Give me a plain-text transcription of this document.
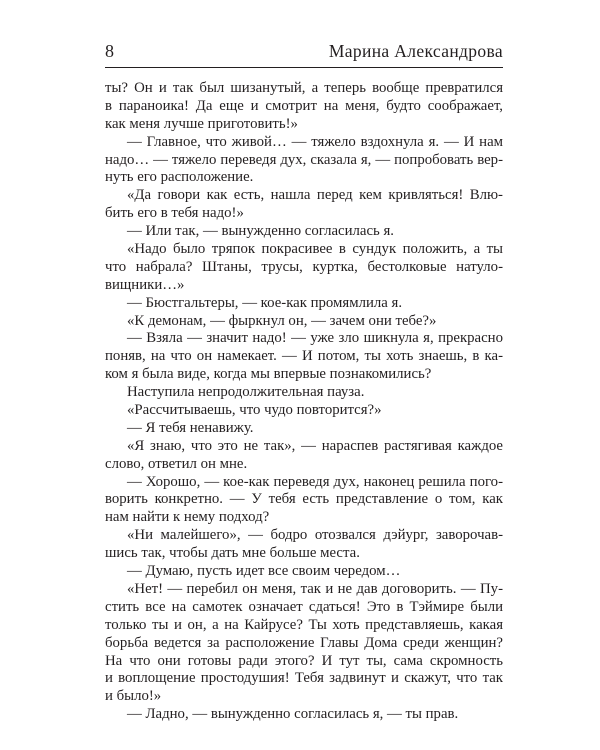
8	Марина Александрова
ты? Он и так был шизанутый, а теперь вообще превратился
в параноика! Да еще и смотрит на меня, будто соображает,
как меня лучше приготовить!»
— Главное, что живой… — тяжело вздохнула я. — И нам
надо… — тяжело переведя дух, сказала я, — попробовать вер-
нуть его расположение.
«Да говори как есть, нашла перед кем кривляться! Влю-
бить его в тебя надо!»
— Или так, — вынужденно согласилась я.
«Надо было тряпок покрасивее в сундук положить, а ты
что набрала? Штаны, трусы, куртка, бестолковые натуло-
вищники…»
— Бюстгальтеры, — кое-как промямлила я.
«К демонам, — фыркнул он, — зачем они тебе?»
— Взяла — значит надо! — уже зло шикнула я, прекрасно
поняв, на что он намекает. — И потом, ты хоть знаешь, в ка-
ком я была виде, когда мы впервые познакомились?
Наступила непродолжительная пауза.
«Рассчитываешь, что чудо повторится?»
— Я тебя ненавижу.
«Я знаю, что это не так», — нараспев растягивая каждое
слово, ответил он мне.
— Хорошо, — кое-как переведя дух, наконец решила пого-
ворить конкретно. — У тебя есть представление о том, как
нам найти к нему подход?
«Ни малейшего», — бодро отозвался дэйург, заворочав-
шись так, чтобы дать мне больше места.
— Думаю, пусть идет все своим чередом…
«Нет! — перебил он меня, так и не дав договорить. — Пу-
стить все на самотек означает сдаться! Это в Тэймире были
только ты и он, а на Кайрусе? Ты хоть представляешь, какая
борьба ведется за расположение Главы Дома среди женщин?
На что они готовы ради этого? И тут ты, сама скромность
и воплощение простодушия! Тебя задвинут и скажут, что так
и было!»
— Ладно, — вынужденно согласилась я, — ты прав.
